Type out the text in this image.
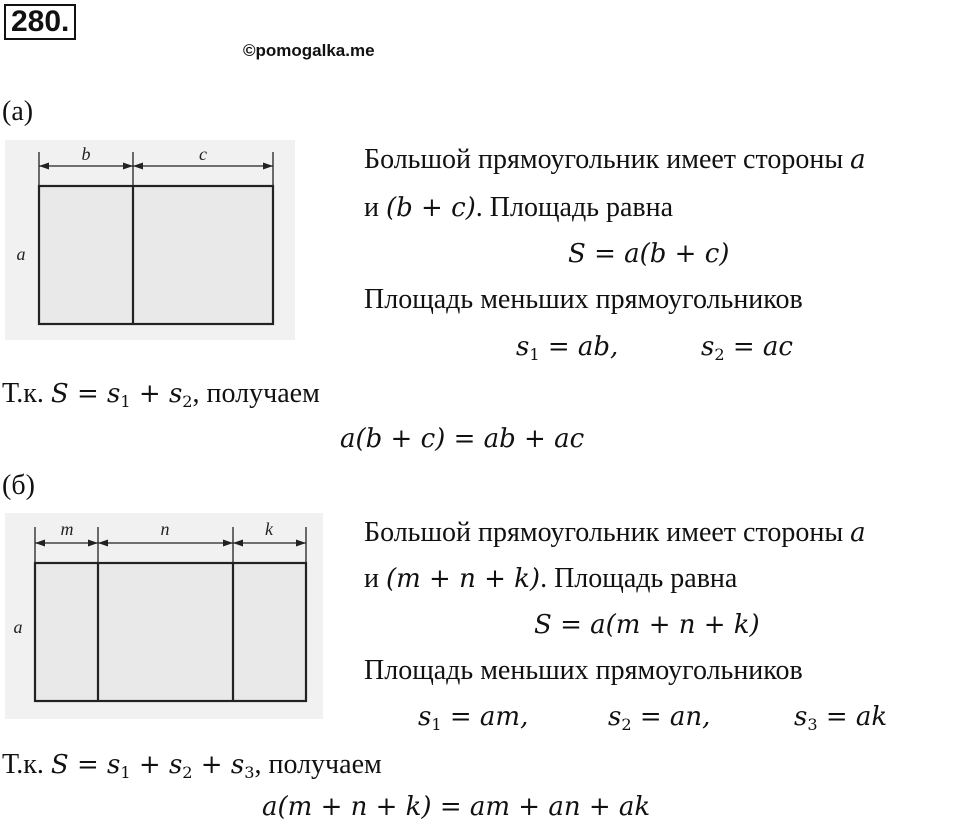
280.
©pomogalka.me
(а)
b	c
a
Большой прямоугольник имеет стороны a
и (b + c). Площадь равна
S = a(b + c)
Площадь меньших прямоугольников
$s_1$ = ab,	$s_2$ = ac
Т.к. $S = s_1 + s_2$, получаем
a(b + c) = ab + ac
(б)
m	n	k
a
Большой прямоугольник имеет стороны a
и (m + n + k). Площадь равна
S = a(m + n + k)
Площадь меньших прямоугольников
$s_1$ = am,	$s_2$ = an,	$s_3$ = ak
Т.к. $S = s_1 + s_2 + s_3$, получаем
a(m + n + k) = am + an + ak
